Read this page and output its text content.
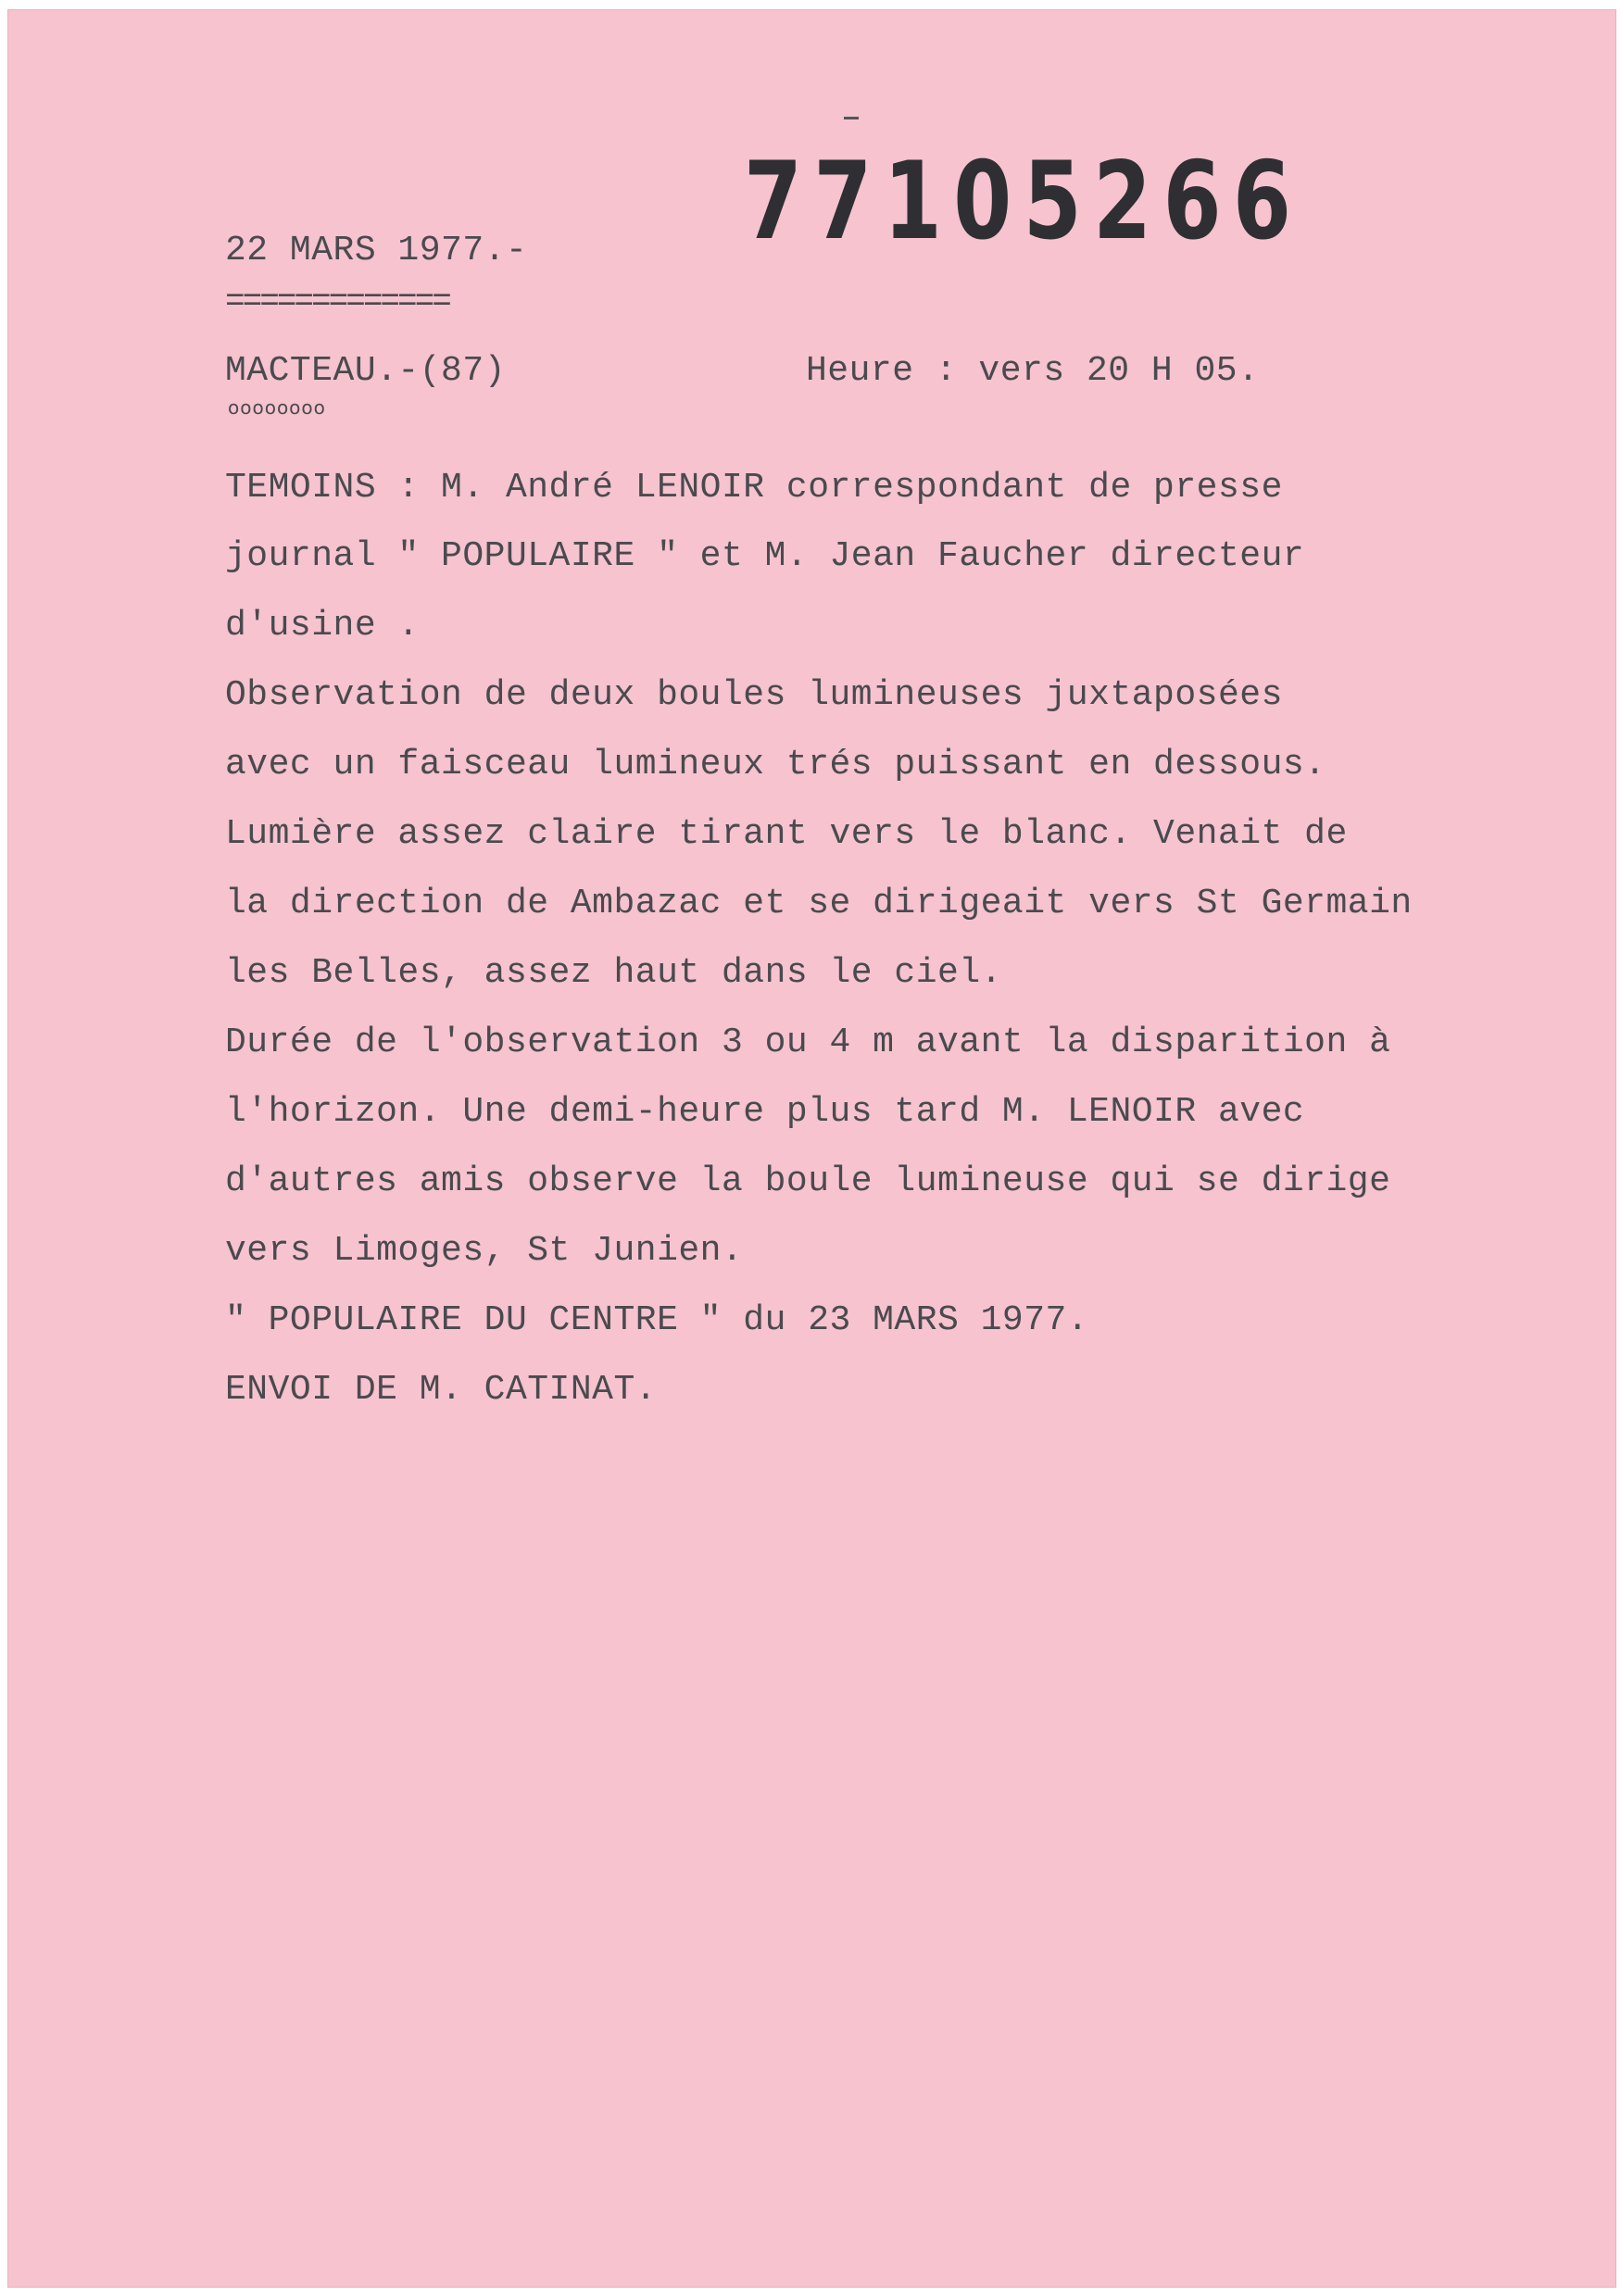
77105266
22 MARS 1977.-
=============
MACTEAU.-(87)
oooooooo
Heure : vers 20 H 05.
TEMOINS : M. André LENOIR correspondant de presse
journal " POPULAIRE " et M. Jean Faucher directeur
d'usine .
Observation de deux boules lumineuses juxtaposées
avec un faisceau lumineux trés puissant en dessous.
Lumière assez claire tirant vers le blanc. Venait de
la direction de Ambazac et se dirigeait vers St Germain
les Belles, assez haut dans le ciel.
Durée de l'observation 3 ou 4 m avant la disparition à
l'horizon. Une demi-heure plus tard M. LENOIR avec
d'autres amis observe la boule lumineuse qui se dirige
vers Limoges, St Junien.
" POPULAIRE DU CENTRE " du 23 MARS 1977.
ENVOI DE M. CATINAT.
